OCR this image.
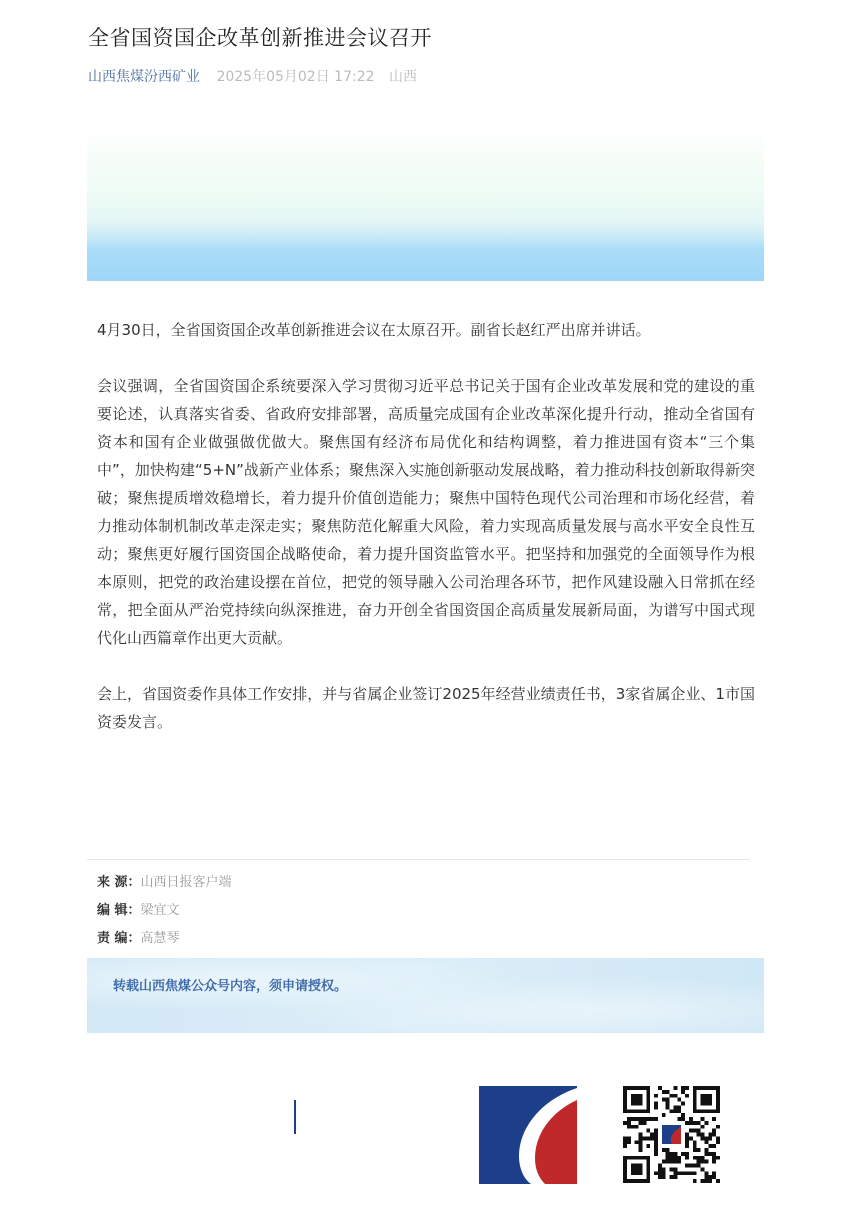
全省国资国企改革创新推进会议召开
山西焦煤汾西矿业 2025年05月02日 17:22 山西

4月30日，全省国资国企改革创新推进会议在太原召开。副省长赵红严出席并讲话。

会议强调，全省国资国企系统要深入学习贯彻习近平总书记关于国有企业改革发展和党的建设的重要论述，认真落实省委、省政府安排部署，高质量完成国有企业改革深化提升行动，推动全省国有资本和国有企业做强做优做大。聚焦国有经济布局优化和结构调整，着力推进国有资本“三个集中”，加快构建“5+N”战新产业体系；聚焦深入实施创新驱动发展战略，着力推动科技创新取得新突破；聚焦提质增效稳增长，着力提升价值创造能力；聚焦中国特色现代公司治理和市场化经营，着力推动体制机制改革走深走实；聚焦防范化解重大风险，着力实现高质量发展与高水平安全良性互动；聚焦更好履行国资国企战略使命，着力提升国资监管水平。把坚持和加强党的全面领导作为根本原则，把党的政治建设摆在首位，把党的领导融入公司治理各环节，把作风建设融入日常抓在经常，把全面从严治党持续向纵深推进，奋力开创全省国资国企高质量发展新局面，为谱写中国式现代化山西篇章作出更大贡献。

会上，省国资委作具体工作安排，并与省属企业签订2025年经营业绩责任书，3家省属企业、1市国资委发言。

来 源：山西日报客户端
编 辑：梁宜文
责 编：高慧琴
转载山西焦煤公众号内容，须申请授权。
